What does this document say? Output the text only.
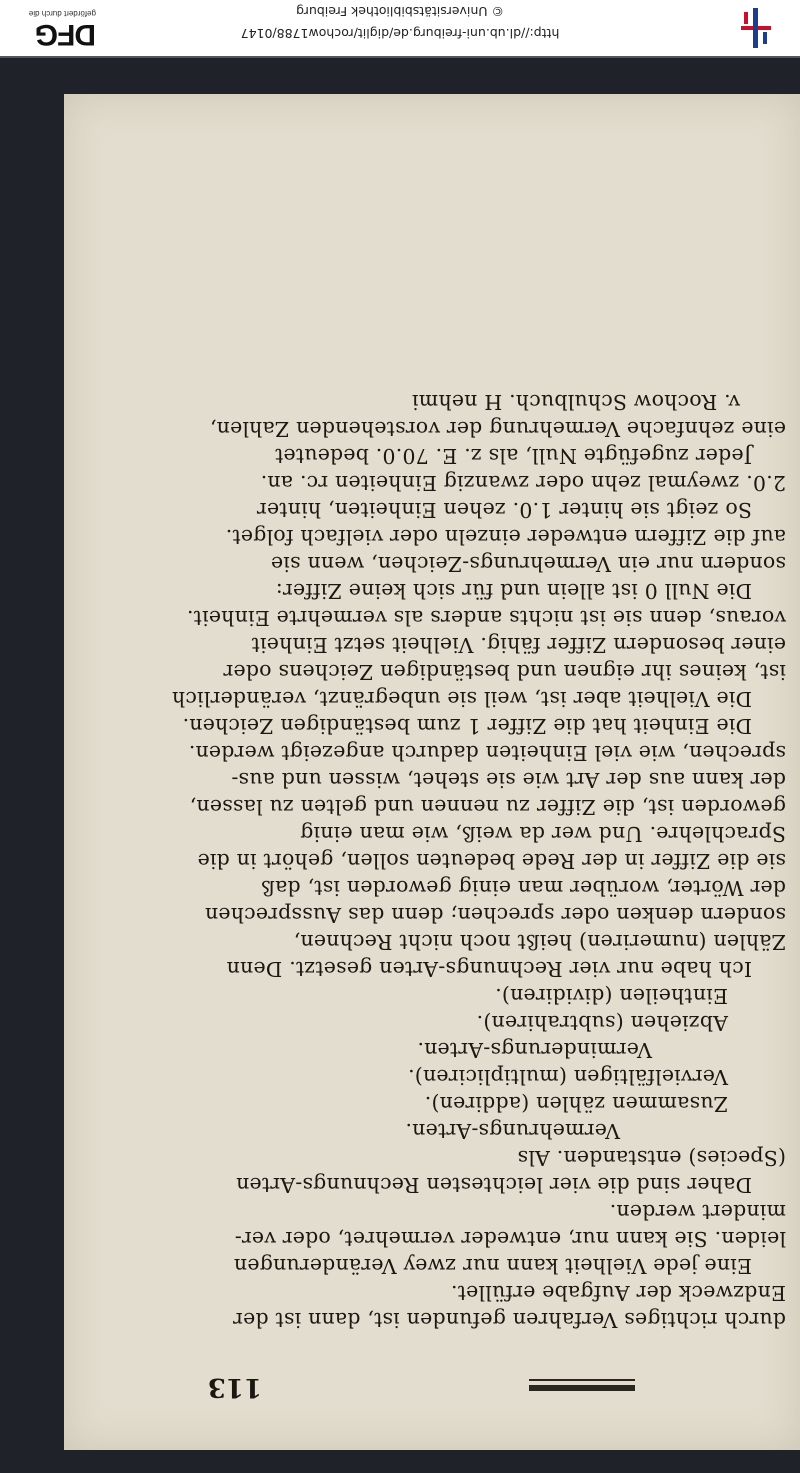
DFG
gefördert durch die	© Universitätsbibliothek Freiburg
http://dl.ub.uni-freiburg.de/diglit/rochow1788/0147
113
durch richtiges Verfahren gefunden ist, dann ist der
Endzweck der Aufgabe erfüllet.
Eine jede Vielheit kann nur zwey Veränderungen
leiden. Sie kann nur, entweder vermehret, oder ver-
mindert werden.
Daher sind die vier leichtesten Rechnungs-Arten
(Species) entstanden. Als
Vermehrungs-Arten.
Zusammen zählen (addiren).
Vervielfältigen (multipliciren).
Verminderungs-Arten.
Abziehen (subtrahiren).
Eintheilen (dividiren).
Ich habe nur vier Rechnungs-Arten gesetzt. Denn
Zählen (numeriren) heißt noch nicht Rechnen,
sondern denken oder sprechen; denn das Aussprechen
der Wörter, worüber man einig geworden ist, daß
sie die Ziffer in der Rede bedeuten sollen, gehört in die
Sprachlehre. Und wer da weiß, wie man einig
geworden ist, die Ziffer zu nennen und gelten zu lassen,
der kann aus der Art wie sie stehet, wissen und aus-
sprechen, wie viel Einheiten dadurch angezeigt werden.
Die Einheit hat die Ziffer 1 zum beständigen Zeichen.
Die Vielheit aber ist, weil sie unbegränzt, veränderlich
ist, keines ihr eignen und beständigen Zeichens oder
einer besondern Ziffer fähig. Vielheit setzt Einheit
voraus, denn sie ist nichts anders als vermehrte Einheit.
Die Null 0 ist allein und für sich keine Ziffer:
sondern nur ein Vermehrungs-Zeichen, wenn sie
auf die Ziffern entweder einzeln oder vielfach folget.
So zeigt sie hinter 1.0. zehen Einheiten, hinter
2.0. zweymal zehn oder zwanzig Einheiten rc. an.
Jeder zugefügte Null, als z. E. 70.0. bedeutet
eine zehnfache Vermehrung der vorstehenden Zahlen,
v. Rochow Schulbuch. H nehmi
